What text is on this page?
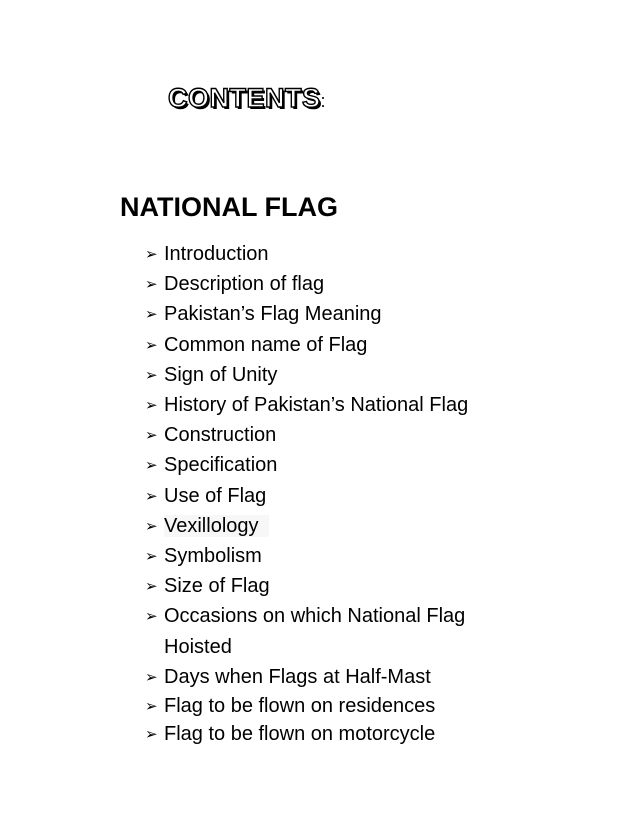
CONTENTS:
NATIONAL FLAG
➢ Introduction
➢ Description of flag
➢ Pakistan’s Flag Meaning
➢ Common name of Flag
➢ Sign of Unity
➢ History of Pakistan’s National Flag
➢ Construction
➢ Specification
➢ Use of Flag
➢ Vexillology
➢ Symbolism
➢ Size of Flag
➢ Occasions on which National Flag
Hoisted
➢ Days when Flags at Half-Mast
➢ Flag to be flown on residences
➢ Flag to be flown on motorcycle
